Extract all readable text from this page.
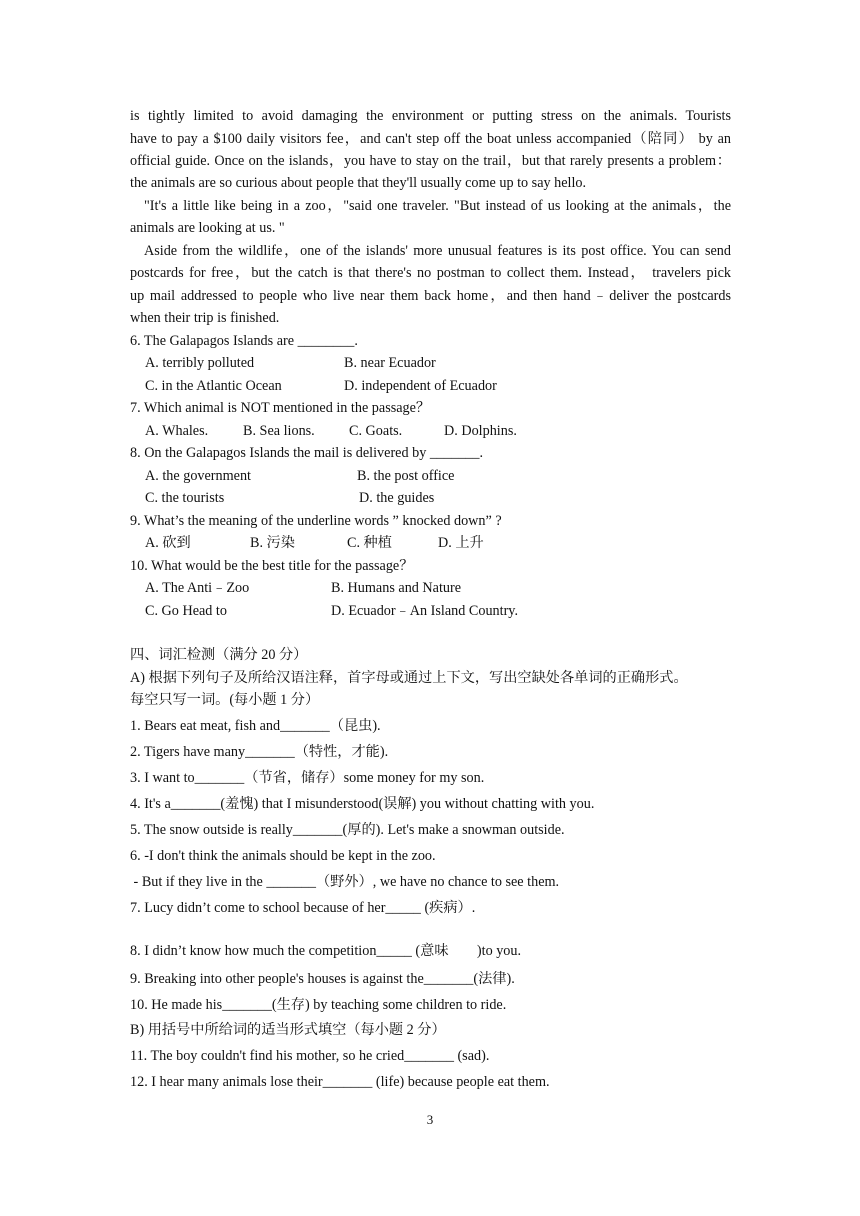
is tightly limited to avoid damaging the environment or putting stress on the animals. Tourists
have to pay a $100 daily visitors fee，and can't step off the boat unless accompanied（陪同） by an
official guide. Once on the islands，you have to stay on the trail，but that rarely presents a problem：
the animals are so curious about people that they'll usually come up to say hello.
"It's a little like being in a zoo，"said one traveler. "But instead of us looking at the animals，the
animals are looking at us. "
Aside from the wildlife，one of the islands' more unusual features is its post office. You can send
postcards for free，but the catch is that there's no postman to collect them. Instead， travelers pick
up mail addressed to people who live near them back home，and then hand﹣deliver the postcards
when their trip is finished.
6. The Galapagos Islands are ________.
A. terribly polluted	B. near Ecuador
C. in the Atlantic Ocean	D. independent of Ecuador
7. Which animal is NOT mentioned in the passage？
A. Whales. B. Sea lions. C. Goats.	D. Dolphins.
8. On the Galapagos Islands the mail is delivered by _______.
A. the government	B. the post office
C. the tourists	D. the guides
9. What’s the meaning of the underline words ” knocked down” ?
A. 砍到	B. 污染	C. 种植	D. 上升
10. What would be the best title for the passage？
A. The Anti﹣Zoo	B. Humans and Nature
C. Go Head to	D. Ecuador﹣An Island Country.
四、词汇检测（满分 20 分）
A) 根据下列句子及所给汉语注释，首字母或通过上下文，写出空缺处各单词的正确形式。
每空只写一词。(每小题 1 分）
1. Bears eat meat, fish and_______（昆虫).
2. Tigers have many_______（特性，才能).
3. I want to_______（节省，储存）some money for my son.
4. It's a_______(羞愧) that I misunderstood(误解) you without chatting with you.
5. The snow outside is really_______(厚的). Let's make a snowman outside.
6. -I don't think the animals should be kept in the zoo.
- But if they live in the _______（野外）, we have no chance to see them.
7. Lucy didn’t come to school because of her_____ (疾病）.
8. I didn’t know how much the competition_____ (意味        )to you.
9. Breaking into other people's houses is against the_______(法律).
10. He made his_______(生存) by teaching some children to ride.
B) 用括号中所给词的适当形式填空（每小题 2 分）
11. The boy couldn't find his mother, so he cried_______ (sad).
12. I hear many animals lose their_______ (life) because people eat them.
3
